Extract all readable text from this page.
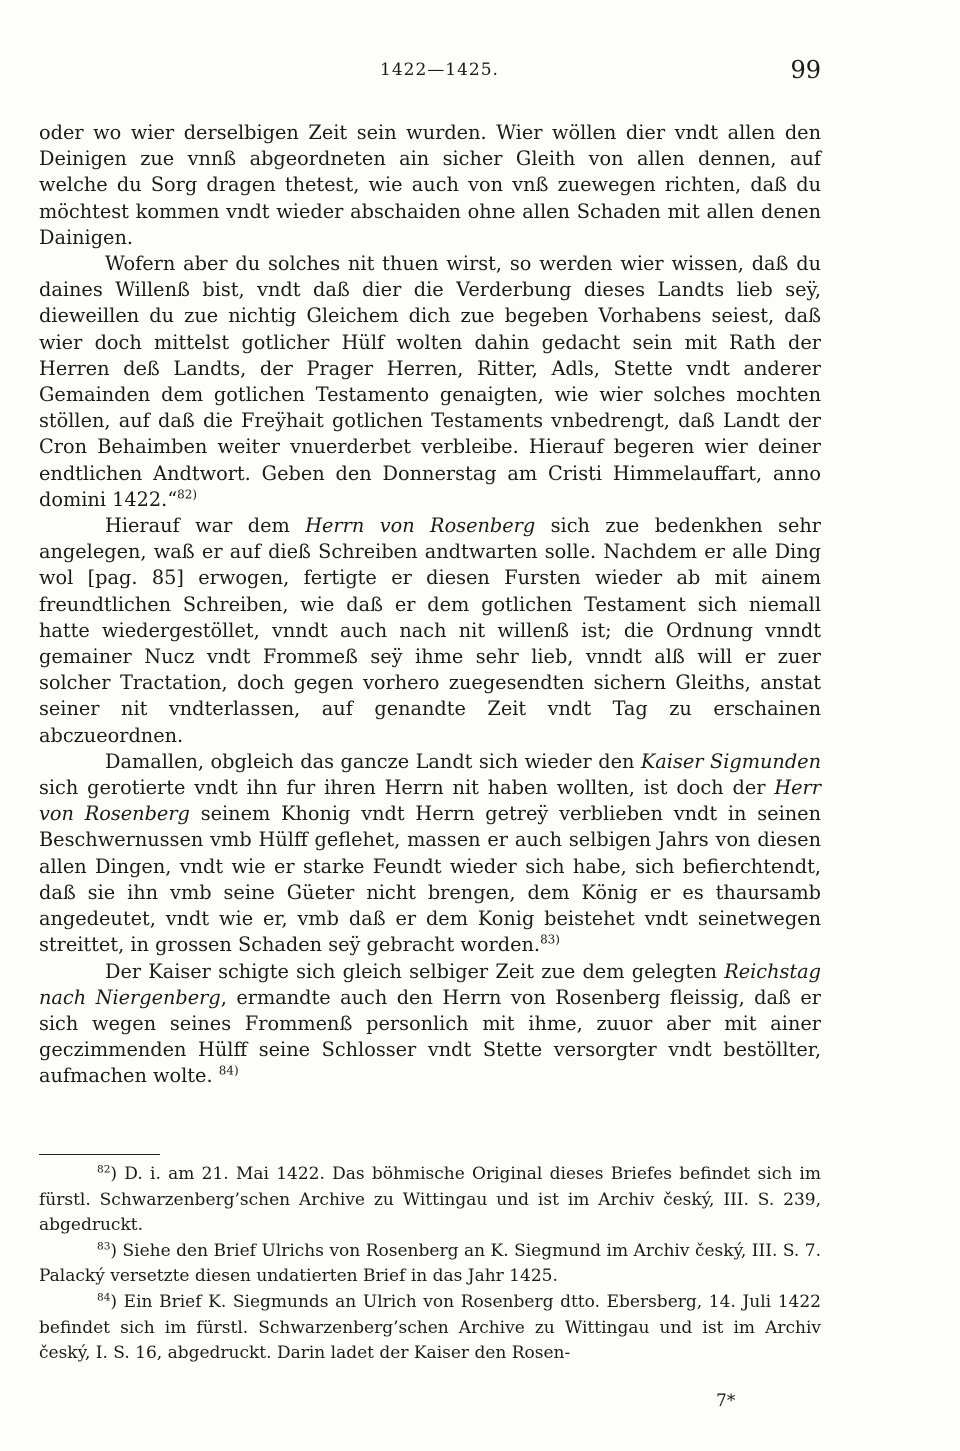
1422—1425.	99

oder wo wier derselbigen Zeit sein wurden. Wier wöllen dier vndt allen den Deinigen zue vnnß abgeordneten ain sicher Gleith von allen dennen, auf welche du Sorg dragen thetest, wie auch von vnß zuewegen richten, daß du möchtest kommen vndt wieder abschaiden ohne allen Schaden mit allen denen Dainigen.

Wofern aber du solches nit thuen wirst, so werden wier wissen, daß du daines Willenß bist, vndt daß dier die Verderbung dieses Landts lieb seÿ, dieweillen du zue nichtig Gleichem dich zue begeben Vorhabens seiest, daß wier doch mittelst gotlicher Hülf wolten dahin gedacht sein mit Rath der Herren deß Landts, der Prager Herren, Ritter, Adls, Stette vndt anderer Gemainden dem gotlichen Testamento genaigten, wie wier solches mochten stöllen, auf daß die Freÿhait gotlichen Testaments vnbedrengt, daß Landt der Cron Behaimben weiter vnuerderbet verbleibe. Hierauf begeren wier deiner endtlichen Andtwort. Geben den Donnerstag am Cristi Himmelauffart, anno domini 1422.“$^{82)}$

Hierauf war dem Herrn von Rosenberg sich zue bedenkhen sehr angelegen, waß er auf dieß Schreiben andtwarten solle. Nachdem er alle Ding wol [pag. 85] erwogen, fertigte er diesen Fursten wieder ab mit ainem freundtlichen Schreiben, wie daß er dem gotlichen Testament sich niemall hatte wiedergestöllet, vnndt auch nach nit willenß ist; die Ordnung vnndt gemainer Nucz vndt Frommeß seÿ ihme sehr lieb, vnndt alß will er zuer solcher Tractation, doch gegen vorhero zuegesendten sichern Gleiths, anstat seiner nit vndterlassen, auf genandte Zeit vndt Tag zu erschainen abczueordnen.

Damallen, obgleich das gancze Landt sich wieder den Kaiser Sigmunden sich gerotierte vndt ihn fur ihren Herrn nit haben wollten, ist doch der Herr von Rosenberg seinem Khonig vndt Herrn getreÿ verblieben vndt in seinen Beschwernussen vmb Hülff geflehet, massen er auch selbigen Jahrs von diesen allen Dingen, vndt wie er starke Feundt wieder sich habe, sich befierchtendt, daß sie ihn vmb seine Güeter nicht brengen, dem König er es thaursamb angedeutet, vndt wie er, vmb daß er dem Konig beistehet vndt seinetwegen streittet, in grossen Schaden seÿ gebracht worden.$^{83)}$

Der Kaiser schigte sich gleich selbiger Zeit zue dem gelegten Reichstag nach Niergenberg, ermandte auch den Herrn von Rosenberg fleissig, daß er sich wegen seines Frommenß personlich mit ihme, zuuor aber mit ainer geczimmenden Hülff seine Schlosser vndt Stette versorgter vndt bestöllter, aufmachen wolte. $^{84)}$

$^{82}$) D. i. am 21. Mai 1422. Das böhmische Original dieses Briefes befindet sich im fürstl. Schwarzenberg’schen Archive zu Wittingau und ist im Archiv český, III. S. 239, abgedruckt.

$^{83}$) Siehe den Brief Ulrichs von Rosenberg an K. Siegmund im Archiv český, III. S. 7. Palacký versetzte diesen undatierten Brief in das Jahr 1425.

$^{84}$) Ein Brief K. Siegmunds an Ulrich von Rosenberg dtto. Ebersberg, 14. Juli 1422 befindet sich im fürstl. Schwarzenberg’schen Archive zu Wittingau und ist im Archiv český, I. S. 16, abgedruckt. Darin ladet der Kaiser den Rosen-

7*
